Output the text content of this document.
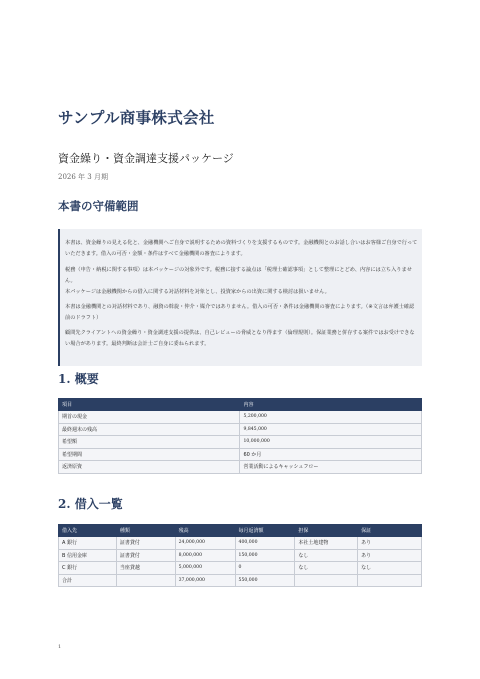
サンプル商事株式会社
資金繰り・資金調達支援パッケージ
2026 年 3 月期
本書の守備範囲

本書は、資金繰りの見える化と、金融機関へご自身で説明するための資料づくりを支援するものです。金融機関とのお話し合いはお客様ご自身で行っていただきます。借入の可否・金額・条件はすべて金融機関の審査によります。

税務（申告・納税に関する事項）は本パッケージの対象外です。税務に接する論点は「税理士確認事項」として整理にとどめ、内容には立ち入りません。

本パッケージは金融機関からの借入に関する対話材料を対象とし、投資家からの出資に関する検討は扱いません。

本書は金融機関との対話材料であり、融資の斡旋・仲介・媒介ではありません。借入の可否・条件は金融機関の審査によります。（※文言は弁護士確認前のドラフト）

顧問先クライアントへの資金繰り・資金調達支援の提供は、自己レビューの脅威となり得ます（倫理規則）。保証業務と併存する案件ではお受けできない場合があります。最終判断は会計士ご自身に委ねられます。

1. 概要
項目	内容
期首の現金	5,200,000
最終週末の残高	9,845,000
希望額	10,000,000
希望期間	60 か月
返済原資	営業活動によるキャッシュフロー
2. 借入一覧
借入先	種類	残高	毎月返済額	担保	保証
A 銀行	証書貸付	24,000,000	400,000	本社土地建物	あり
B 信用金庫	証書貸付	8,000,000	150,000	なし	あり
C 銀行	当座貸越	5,000,000	0	なし	なし
合計		37,000,000	550,000		
1
